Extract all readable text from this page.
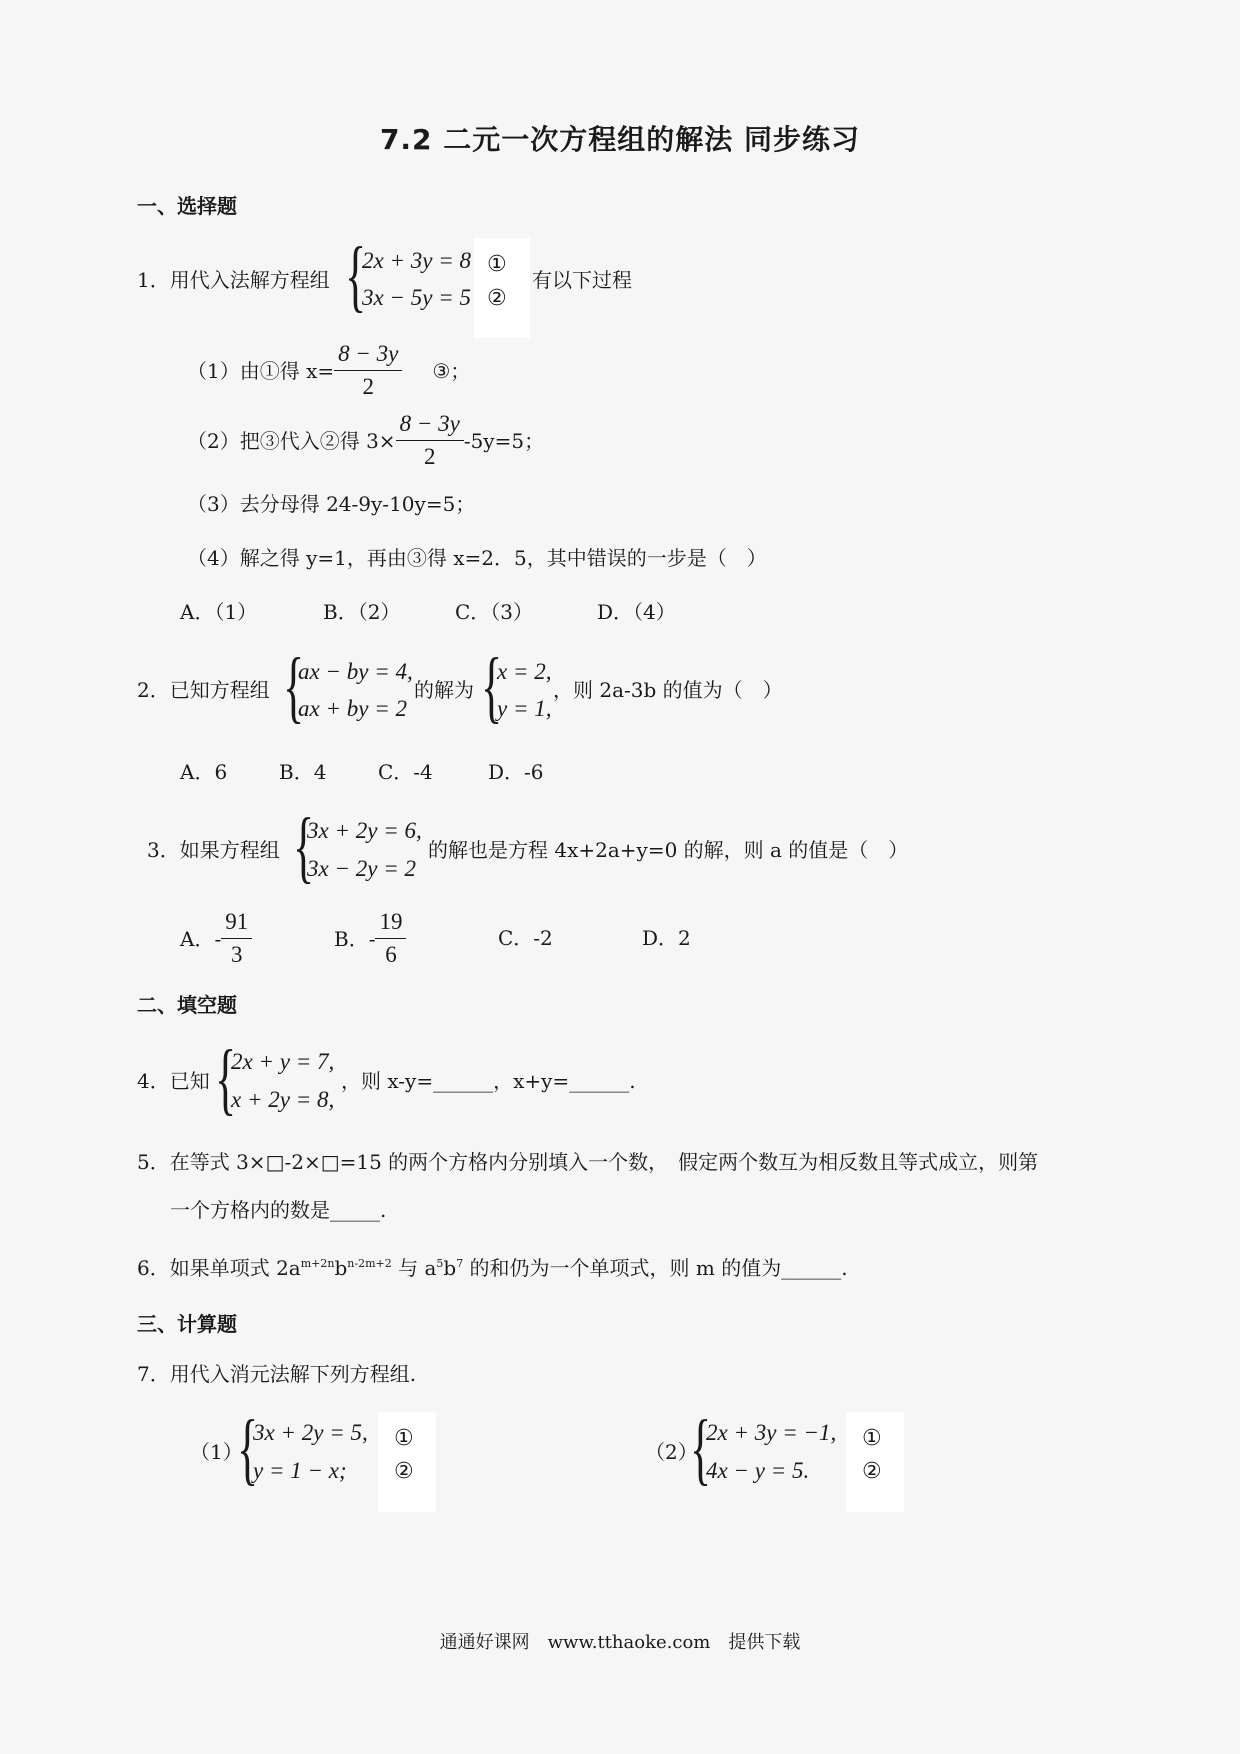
7.2 二元一次方程组的解法 同步练习
一、选择题
1．用代入法解方程组 {
2x + 3y = 8
3x − 5y = 5
①
②
有以下过程
（1）由①得 $x= \frac{8 - 3y}{2}$ ③；
（2）把③代入②得 $3\times \frac{8 - 3y}{2} -5y=5$；
（3）去分母得 24-9y-10y=5；
（4）解之得 y=1，再由③得 x=2．5，其中错误的一步是（　）
A．（1）	B．（2）	C．（3）	D．（4）
2．已知方程组 {
ax − by = 4,
ax + by = 2
的解为 {
x = 2,
y = 1,
，则 2a-3b 的值为（　）
A．6	B．4	C．-4	D．-6
3．如果方程组 {
3x + 2y = 6,
3x − 2y = 2
的解也是方程 4x+2a+y=0 的解，则 a 的值是（　）
A．- $\frac{91}{3}$	B．- $\frac{19}{6}$	C．-2	D．2
二、填空题
4．已知 {
2x + y = 7,
x + 2y = 8,
，则 x-y=______，x+y=______.
5．在等式 3×□-2×□=15 的两个方格内分别填入一个数，　假定两个数互为相反数且等式成立，则第
一个方格内的数是_____.
6．如果单项式 $2a^{m+2n}b^{n-2m+2}$ 与 $a^5b^7$ 的和仍为一个单项式，则 m 的值为______.
三、计算题
7．用代入消元法解下列方程组.
（1）
{
3x + 2y = 5,
y = 1 − x;
①
②
（2）
{
2x + 3y = −1,
4x − y = 5.
①
②
通通好课网　www.tthaoke.com　提供下载
